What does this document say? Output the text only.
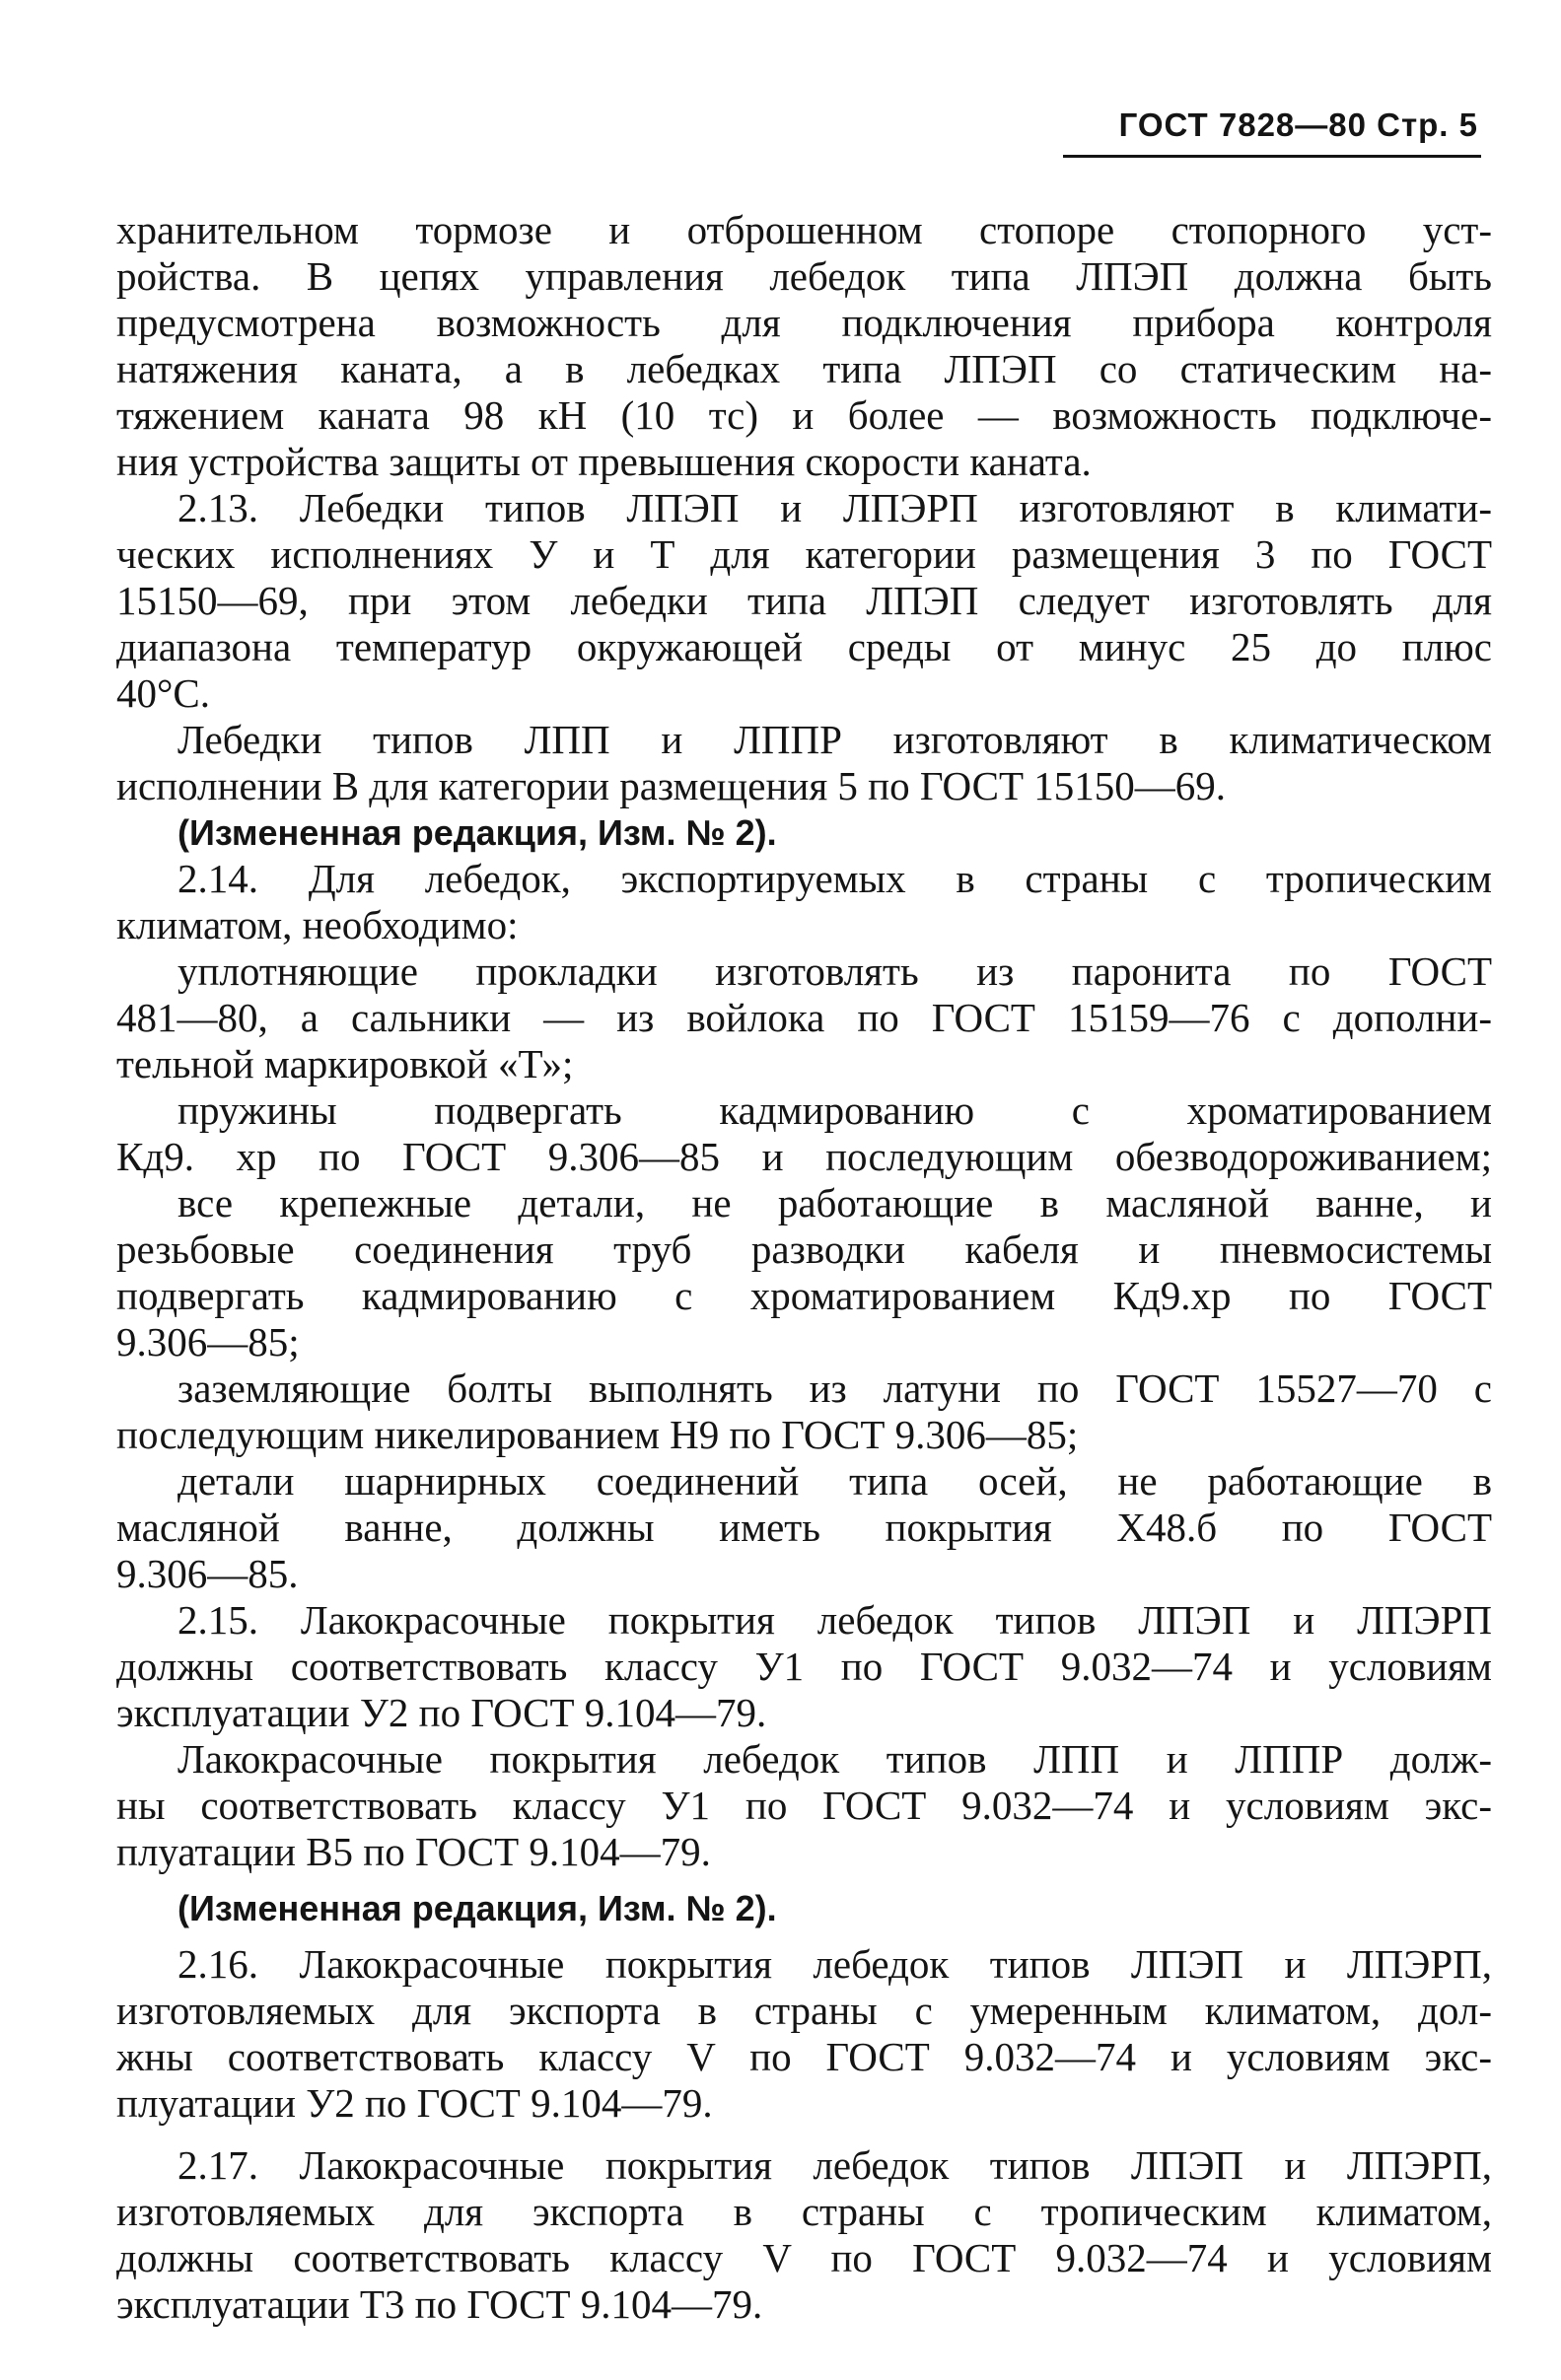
ГОСТ 7828—80 Стр. 5
хранительном тормозе и отброшенном стопоре стопорного уст-
ройства. В цепях управления лебедок типа ЛПЭП должна быть
предусмотрена возможность для подключения прибора контроля
натяжения каната, а в лебедках типа ЛПЭП со статическим на-
тяжением каната 98 кН (10 тс) и более — возможность подключе-
ния устройства защиты от превышения скорости каната.
2.13. Лебедки типов ЛПЭП и ЛПЭРП изготовляют в климати-
ческих исполнениях У и Т для категории размещения 3 по ГОСТ
15150—69, при этом лебедки типа ЛПЭП следует изготовлять для
диапазона температур окружающей среды от минус 25 до плюс
40°С.
Лебедки типов ЛПП и ЛППР изготовляют в климатическом
исполнении В для категории размещения 5 по ГОСТ 15150—69.
(Измененная редакция, Изм. № 2).
2.14. Для лебедок, экспортируемых в страны с тропическим
климатом, необходимо:
уплотняющие прокладки изготовлять из паронита по ГОСТ
481—80, а сальники — из войлока по ГОСТ 15159—76 с дополни-
тельной маркировкой «Т»;
пружины подвергать кадмированию с хроматированием
Кд9. хр по ГОСТ 9.306—85 и последующим обезводороживанием;
все крепежные детали, не работающие в масляной ванне, и
резьбовые соединения труб разводки кабеля и пневмосистемы
подвергать кадмированию с хроматированием Кд9.хр по ГОСТ
9.306—85;
заземляющие болты выполнять из латуни по ГОСТ 15527—70 с
последующим никелированием Н9 по ГОСТ 9.306—85;
детали шарнирных соединений типа осей, не работающие в
масляной ванне, должны иметь покрытия Х48.б по ГОСТ
9.306—85.
2.15. Лакокрасочные покрытия лебедок типов ЛПЭП и ЛПЭРП
должны соответствовать классу У1 по ГОСТ 9.032—74 и условиям
эксплуатации У2 по ГОСТ 9.104—79.
Лакокрасочные покрытия лебедок типов ЛПП и ЛППР долж-
ны соответствовать классу У1 по ГОСТ 9.032—74 и условиям экс-
плуатации В5 по ГОСТ 9.104—79.
(Измененная редакция, Изм. № 2).
2.16. Лакокрасочные покрытия лебедок типов ЛПЭП и ЛПЭРП,
изготовляемых для экспорта в страны с умеренным климатом, дол-
жны соответствовать классу V по ГОСТ 9.032—74 и условиям экс-
плуатации У2 по ГОСТ 9.104—79.
2.17. Лакокрасочные покрытия лебедок типов ЛПЭП и ЛПЭРП,
изготовляемых для экспорта в страны с тропическим климатом,
должны соответствовать классу V по ГОСТ 9.032—74 и условиям
эксплуатации Т3 по ГОСТ 9.104—79.
